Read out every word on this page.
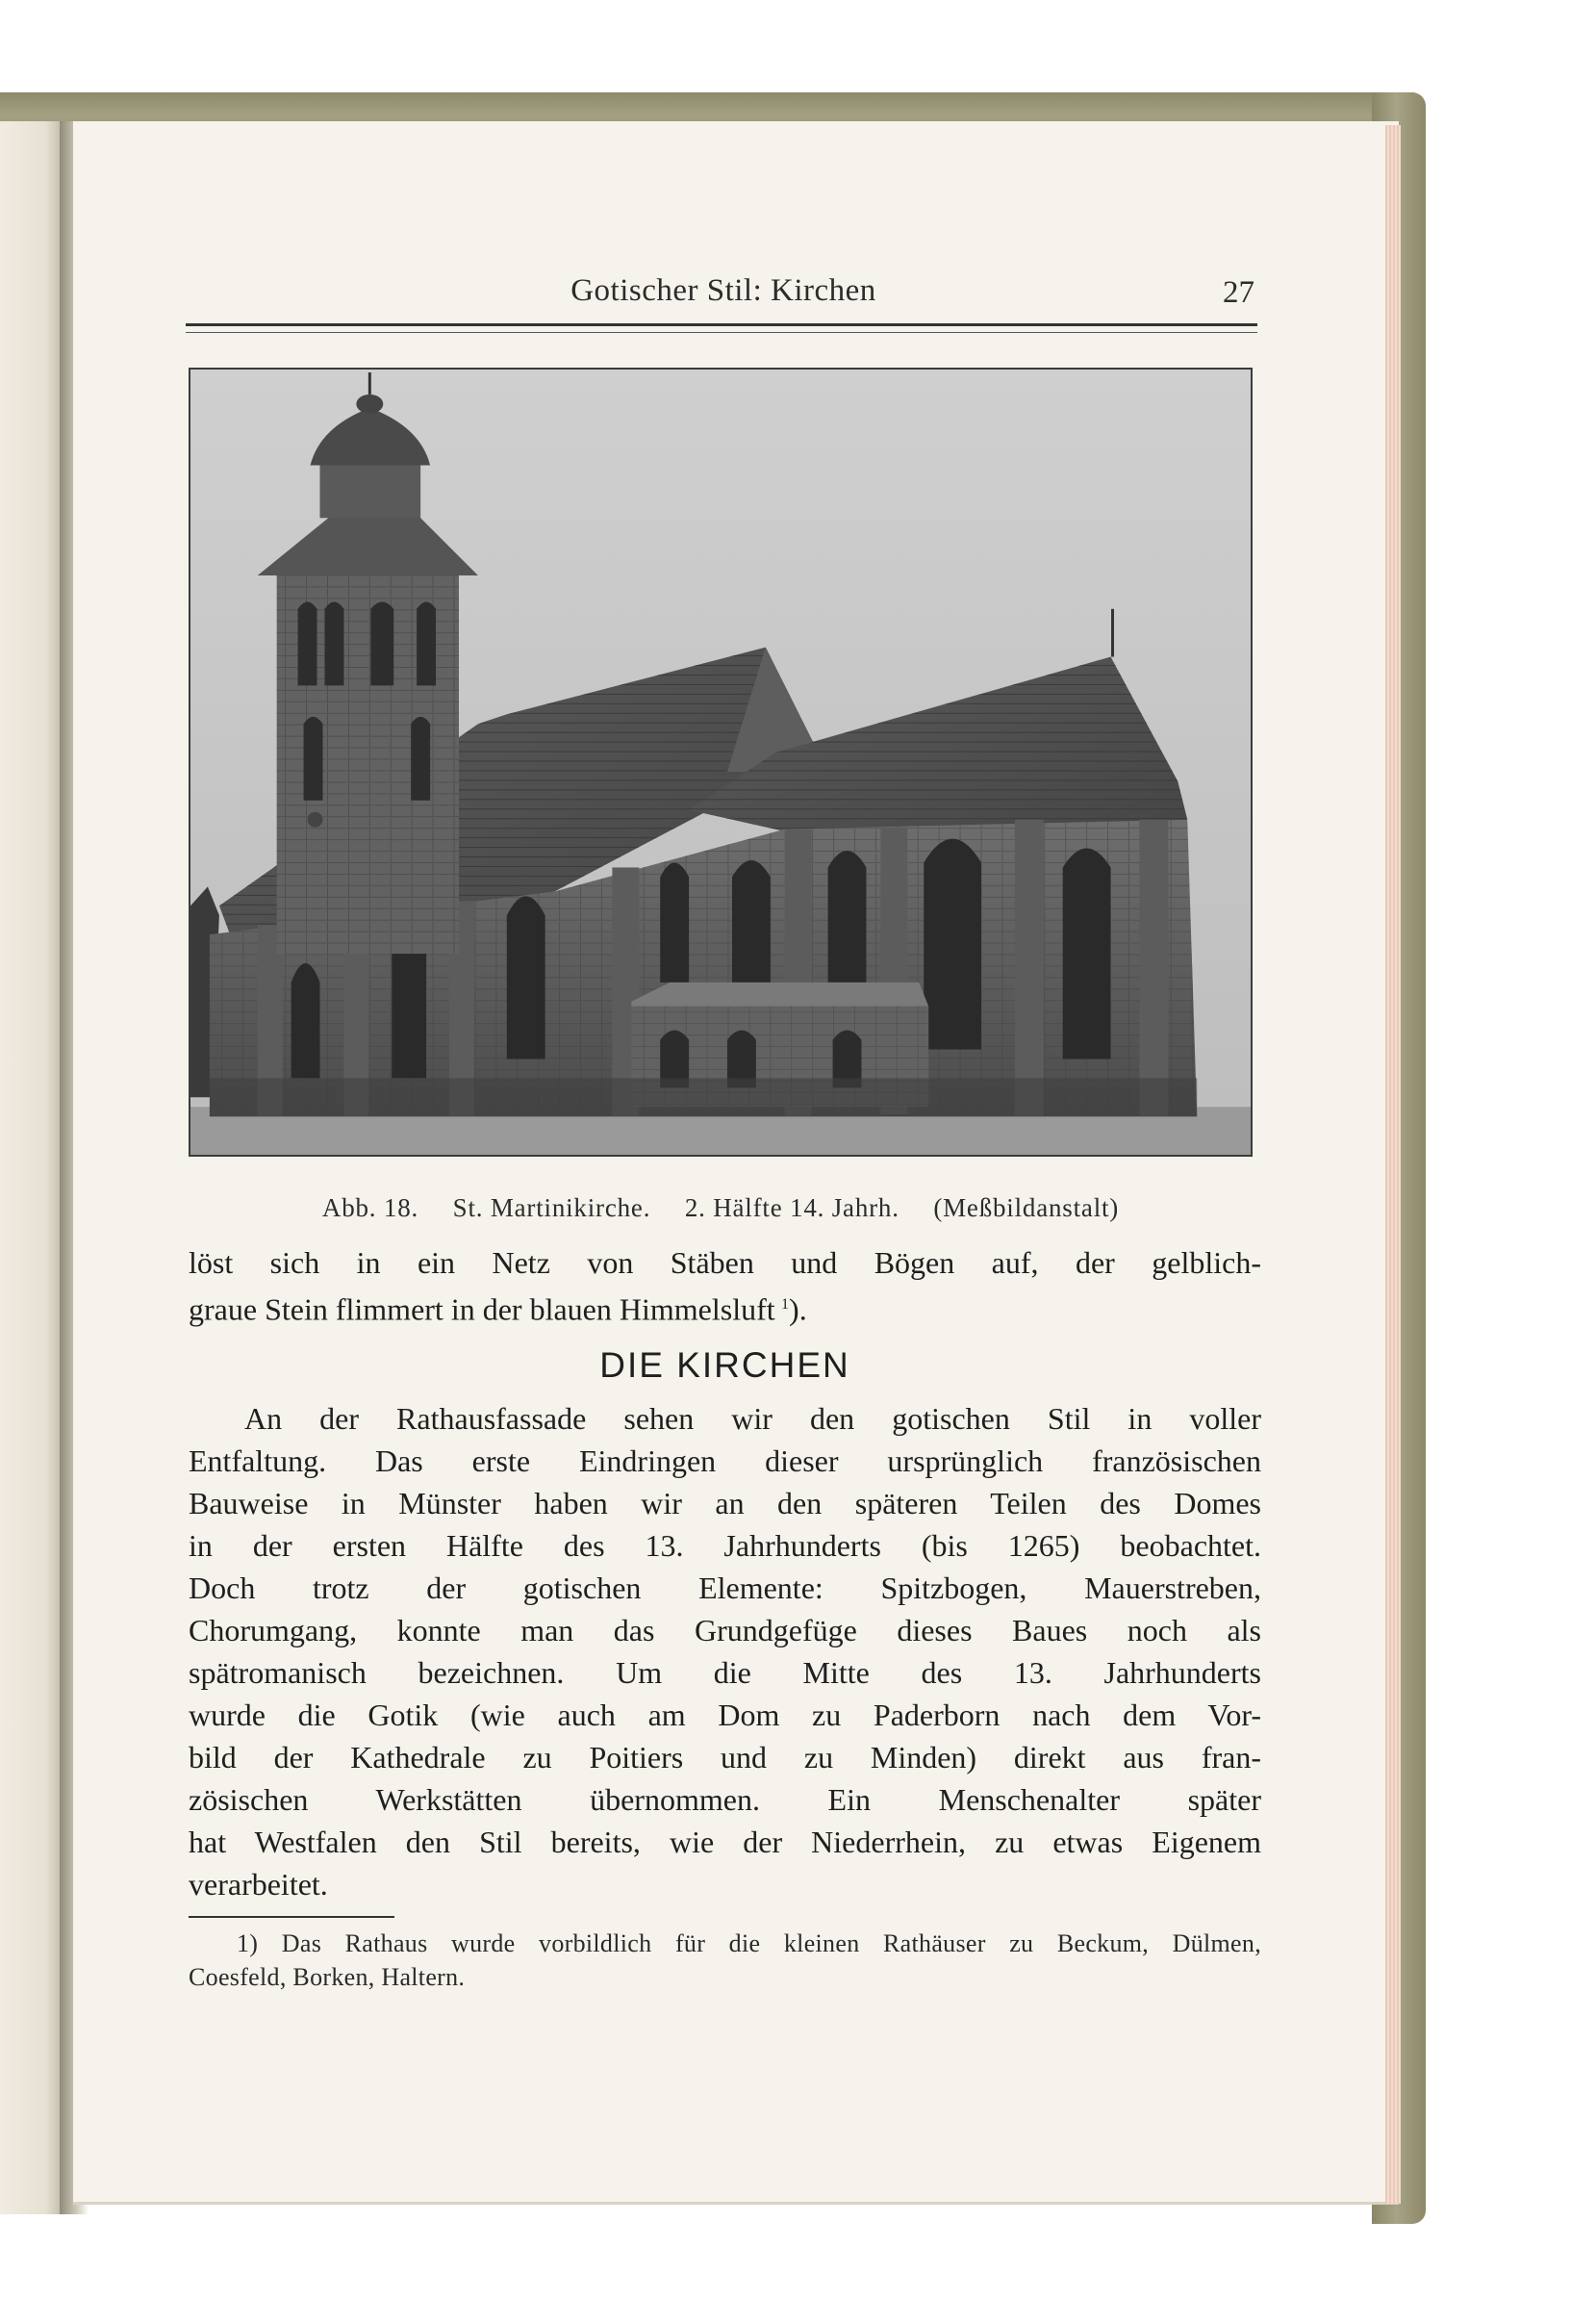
Gotischer Stil: Kirchen	27
Abb. 18. St. Martinikirche. 2. Hälfte 14. Jahrh. (Meßbildanstalt)
löst sich in ein Netz von Stäben und Bögen auf, der gelblich-
graue Stein flimmert in der blauen Himmelsluft  $^1$).
DIE KIRCHEN
An der Rathausfassade sehen wir den gotischen Stil in voller
Entfaltung. Das erste Eindringen dieser ursprünglich französischen
Bauweise in Münster haben wir an den späteren Teilen des Domes
in der ersten Hälfte des 13. Jahrhunderts (bis 1265) beobachtet.
Doch trotz der gotischen Elemente: Spitzbogen, Mauerstreben,
Chorumgang, konnte man das Grundgefüge dieses Baues noch als
spätromanisch bezeichnen. Um die Mitte des 13. Jahrhunderts
wurde die Gotik (wie auch am Dom zu Paderborn nach dem Vor-
bild der Kathedrale zu Poitiers und zu Minden) direkt aus fran-
zösischen Werkstätten übernommen. Ein Menschenalter später
hat Westfalen den Stil bereits, wie der Niederrhein, zu etwas Eigenem
verarbeitet.
1) Das Rathaus wurde vorbildlich für die kleinen Rathäuser zu Beckum, Dülmen,
Coesfeld, Borken, Haltern.
